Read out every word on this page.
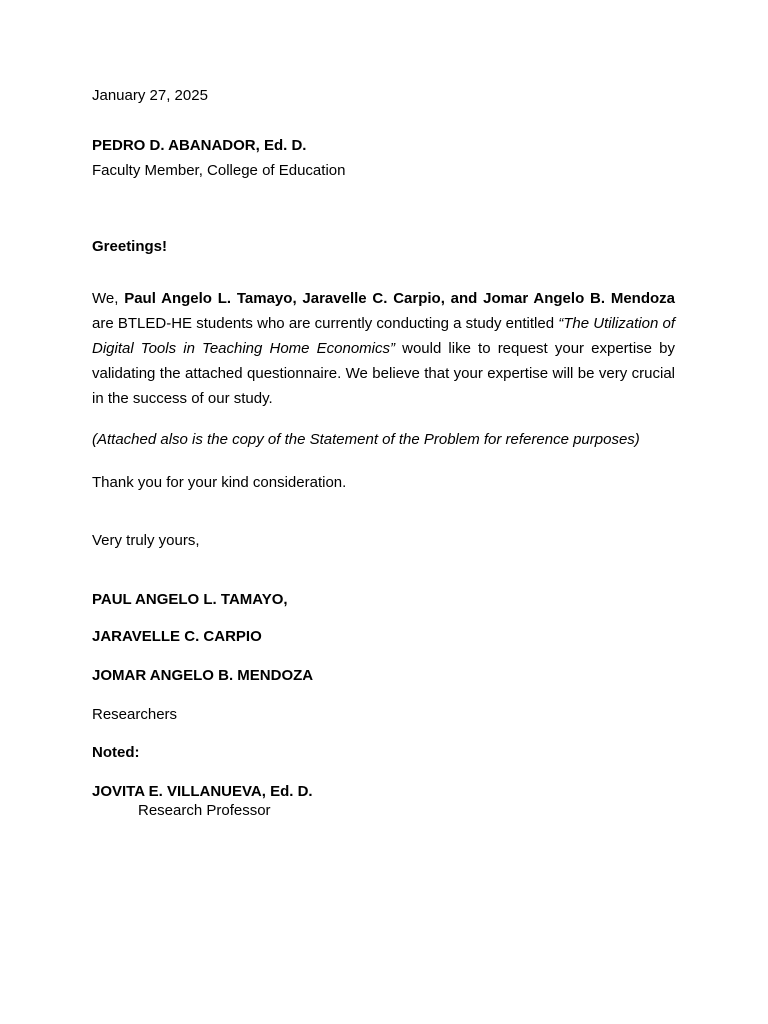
January 27, 2025
PEDRO D. ABANADOR, Ed. D.
Faculty Member, College of Education
Greetings!
We, Paul Angelo L. Tamayo, Jaravelle C. Carpio, and Jomar Angelo B. Mendoza are BTLED-HE students who are currently conducting a study entitled “The Utilization of Digital Tools in Teaching Home Economics” would like to request your expertise by validating the attached questionnaire. We believe that your expertise will be very crucial in the success of our study.
(Attached also is the copy of the Statement of the Problem for reference purposes)
Thank you for your kind consideration.
Very truly yours,
PAUL ANGELO L. TAMAYO,
JARAVELLE C. CARPIO
JOMAR ANGELO B. MENDOZA
Researchers
Noted:
JOVITA E. VILLANUEVA, Ed. D.
Research Professor
